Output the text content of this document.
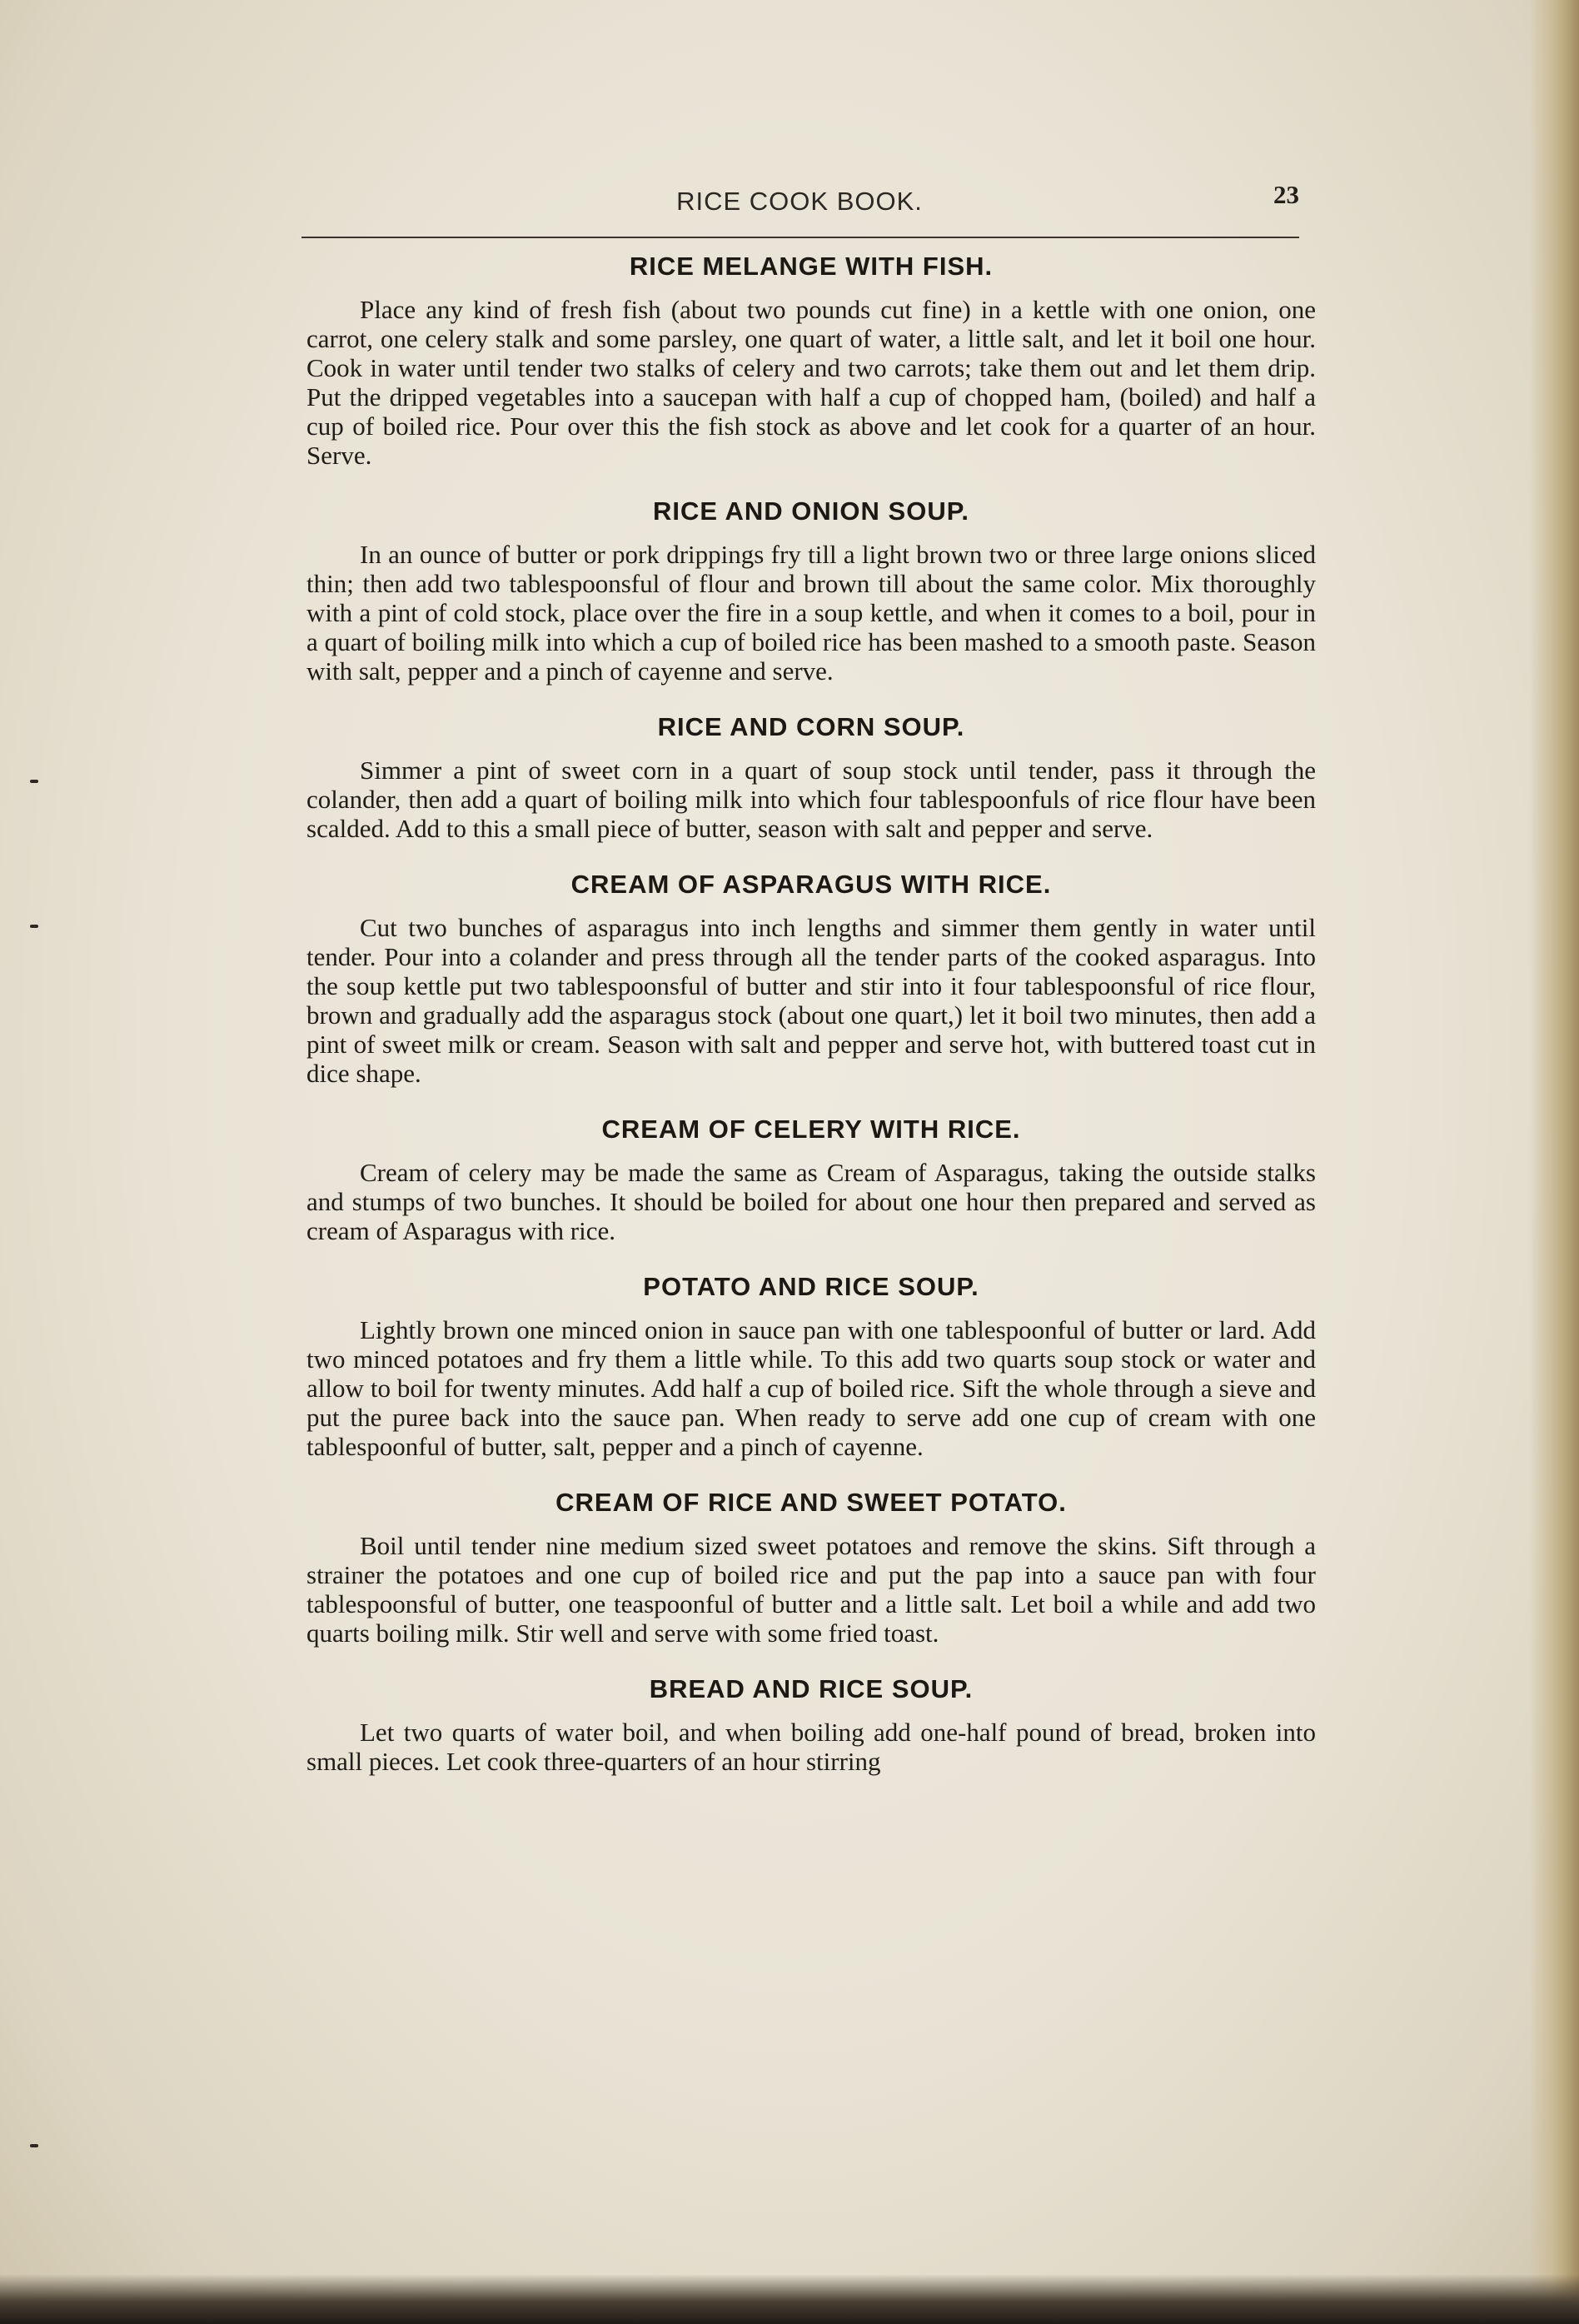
RICE COOK BOOK.	23
RICE MELANGE WITH FISH.

Place any kind of fresh fish (about two pounds cut fine) in a kettle with one onion, one carrot, one celery stalk and some parsley, one quart of water, a little salt, and let it boil one hour. Cook in water until tender two stalks of celery and two carrots; take them out and let them drip. Put the dripped vegetables into a saucepan with half a cup of chopped ham, (boiled) and half a cup of boiled rice. Pour over this the fish stock as above and let cook for a quarter of an hour. Serve.

RICE AND ONION SOUP.

In an ounce of butter or pork drippings fry till a light brown two or three large onions sliced thin; then add two tablespoonsful of flour and brown till about the same color. Mix thoroughly with a pint of cold stock, place over the fire in a soup kettle, and when it comes to a boil, pour in a quart of boiling milk into which a cup of boiled rice has been mashed to a smooth paste. Season with salt, pepper and a pinch of cayenne and serve.

RICE AND CORN SOUP.

Simmer a pint of sweet corn in a quart of soup stock until tender, pass it through the colander, then add a quart of boiling milk into which four tablespoonfuls of rice flour have been scalded. Add to this a small piece of butter, season with salt and pepper and serve.

CREAM OF ASPARAGUS WITH RICE.

Cut two bunches of asparagus into inch lengths and simmer them gently in water until tender. Pour into a colander and press through all the tender parts of the cooked asparagus. Into the soup kettle put two tablespoonsful of butter and stir into it four tablespoonsful of rice flour, brown and gradually add the asparagus stock (about one quart,) let it boil two minutes, then add a pint of sweet milk or cream. Season with salt and pepper and serve hot, with buttered toast cut in dice shape.

CREAM OF CELERY WITH RICE.

Cream of celery may be made the same as Cream of Asparagus, taking the outside stalks and stumps of two bunches. It should be boiled for about one hour then prepared and served as cream of Asparagus with rice.

POTATO AND RICE SOUP.

Lightly brown one minced onion in sauce pan with one tablespoonful of butter or lard. Add two minced potatoes and fry them a little while. To this add two quarts soup stock or water and allow to boil for twenty minutes. Add half a cup of boiled rice. Sift the whole through a sieve and put the puree back into the sauce pan. When ready to serve add one cup of cream with one tablespoonful of butter, salt, pepper and a pinch of cayenne.

CREAM OF RICE AND SWEET POTATO.

Boil until tender nine medium sized sweet potatoes and remove the skins. Sift through a strainer the potatoes and one cup of boiled rice and put the pap into a sauce pan with four tablespoonsful of butter, one teaspoonful of butter and a little salt. Let boil a while and add two quarts boiling milk. Stir well and serve with some fried toast.

BREAD AND RICE SOUP.

Let two quarts of water boil, and when boiling add one-half pound of bread, broken into small pieces. Let cook three-quarters of an hour stirring
